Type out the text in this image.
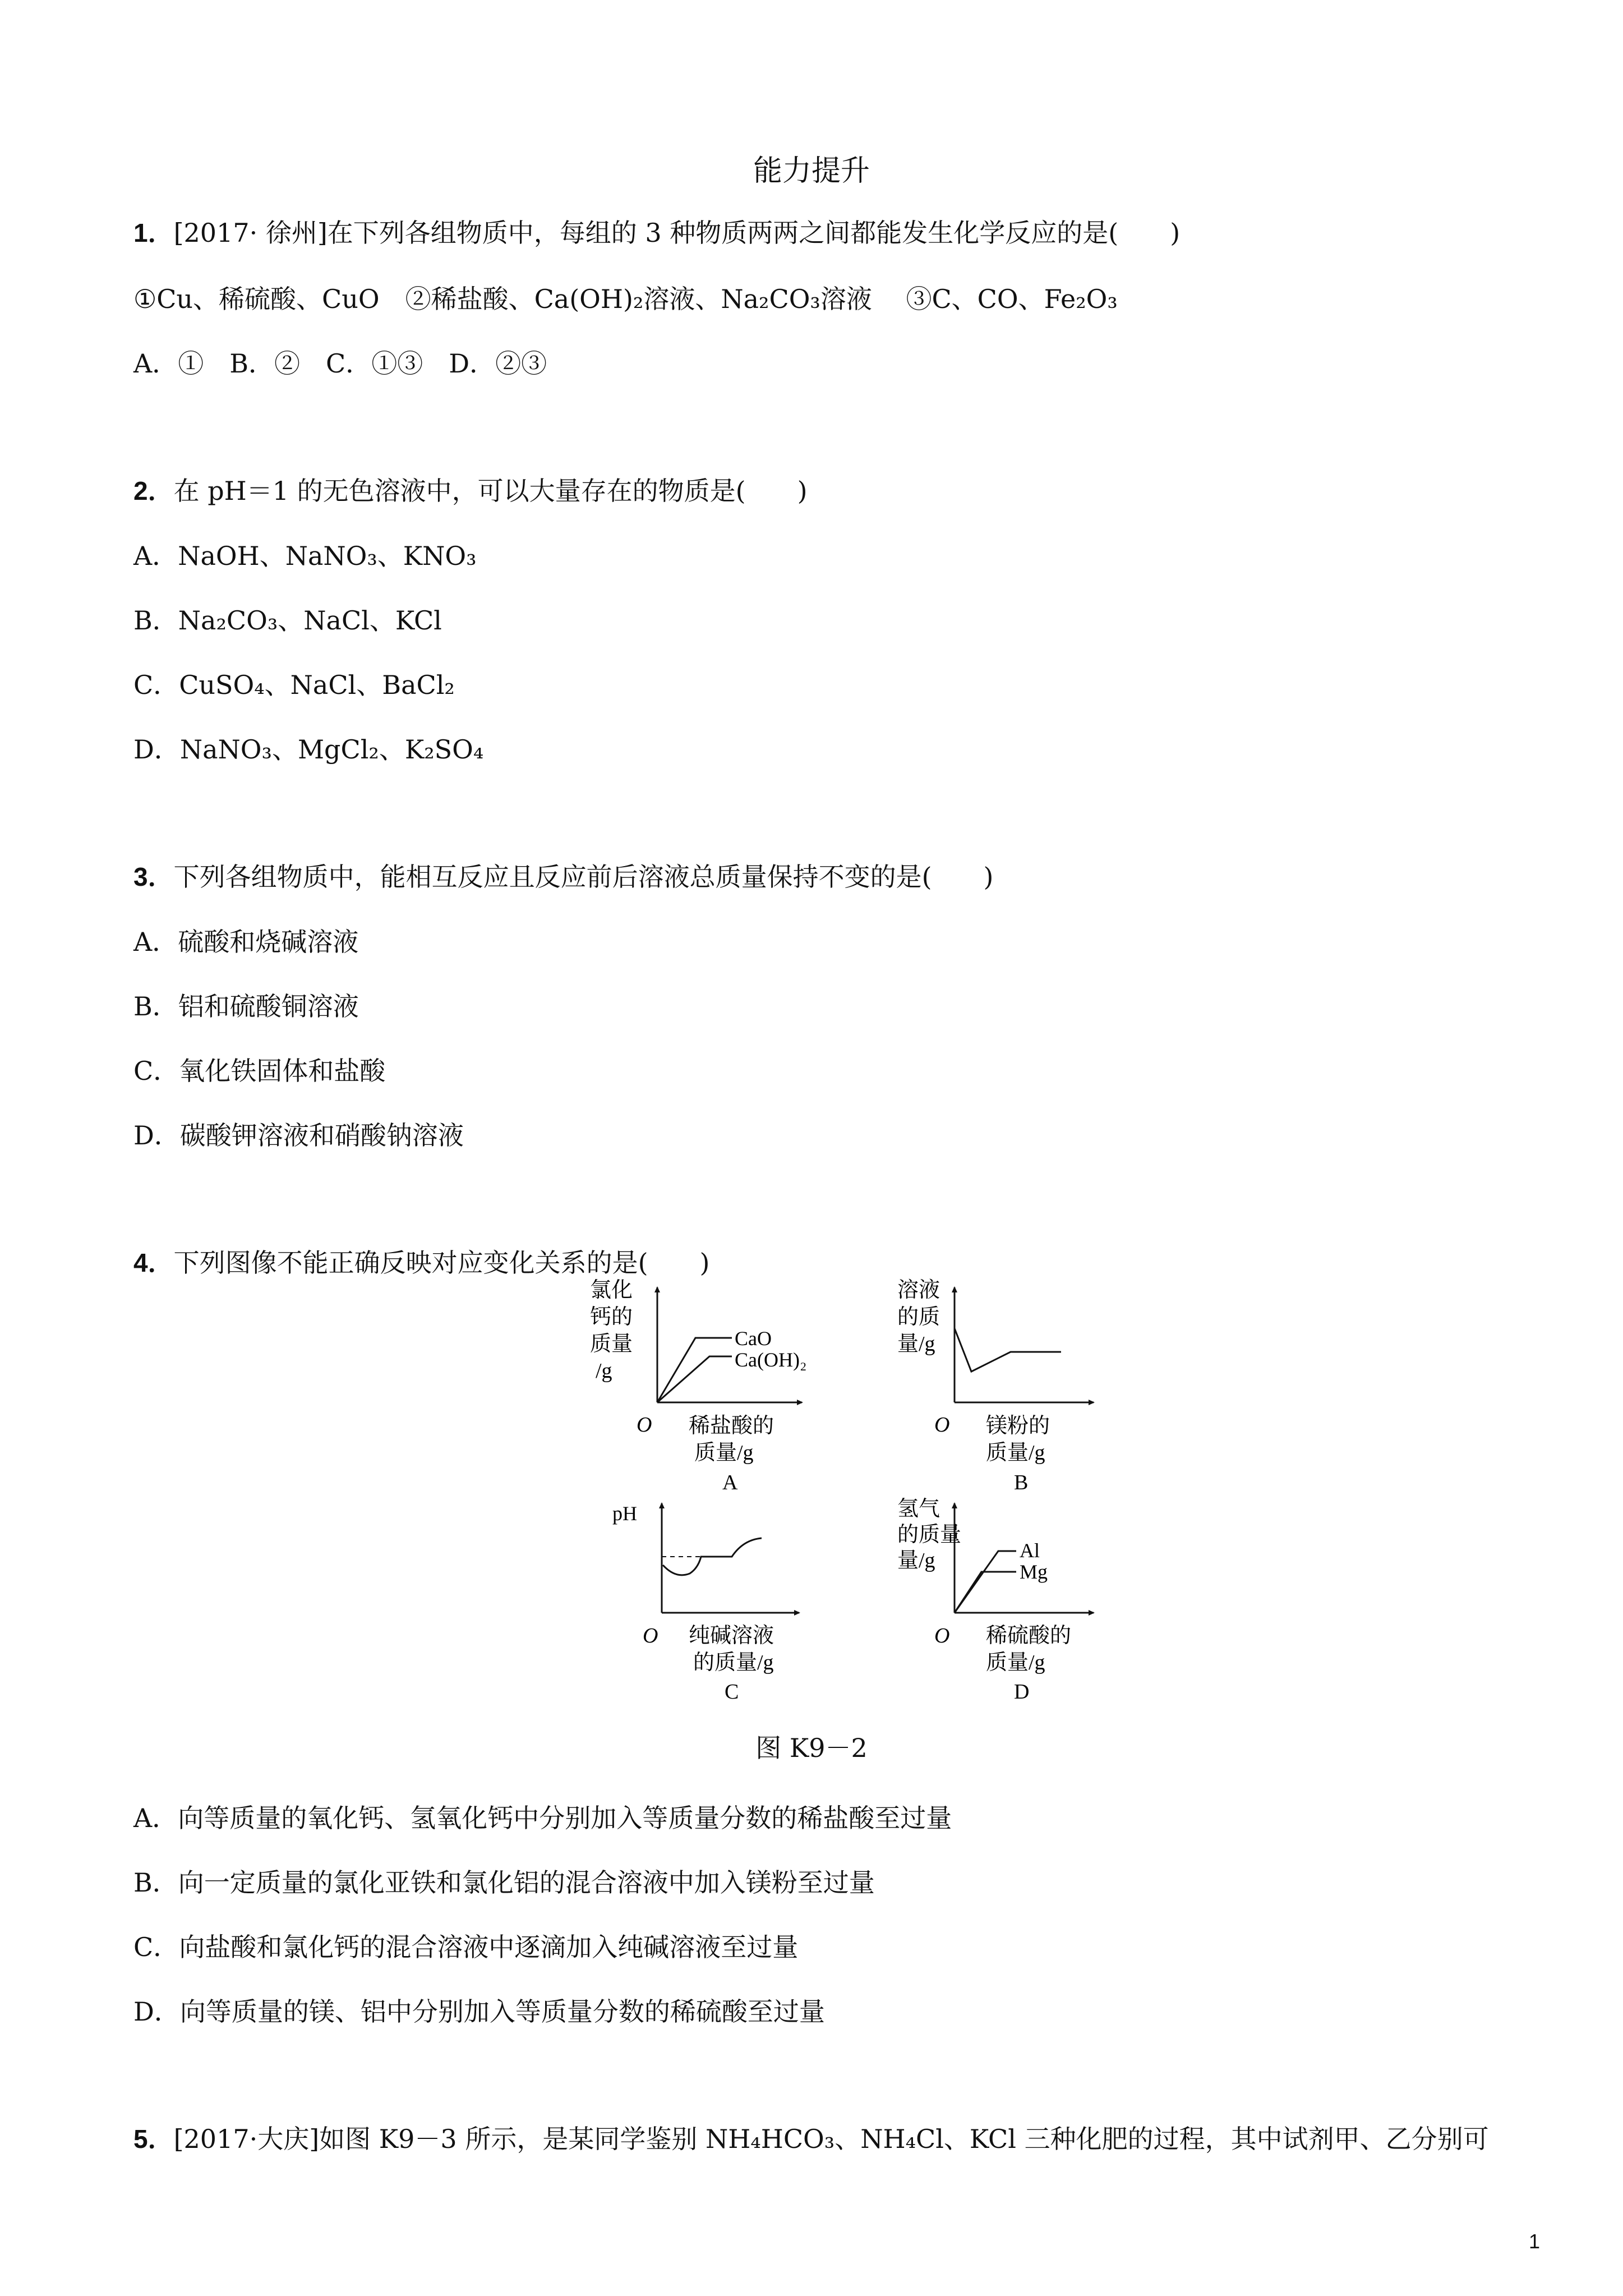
能力提升
1．[2017· 徐州]在下列各组物质中，每组的 3 种物质两两之间都能发生化学反应的是(　　)
①Cu、稀硫酸、CuO　②稀盐酸、Ca(OH)₂溶液、Na₂CO₃溶液　 ③C、CO、Fe₂O₃
A．①　B．②　C．①③　D．②③
2．在 pH＝1 的无色溶液中，可以大量存在的物质是(　　)
A．NaOH、NaNO₃、KNO₃
B．Na₂CO₃、NaCl、KCl
C．CuSO₄、NaCl、BaCl₂
D．NaNO₃、MgCl₂、K₂SO₄
3．下列各组物质中，能相互反应且反应前后溶液总质量保持不变的是(　　)
A．硫酸和烧碱溶液
B．铝和硫酸铜溶液
C．氧化铁固体和盐酸
D．碳酸钾溶液和硝酸钠溶液
4．下列图像不能正确反映对应变化关系的是(　　)
氯化
钙的
质量
/g
CaO
Ca(OH)₂
O 稀盐酸的
质量/g
A
溶液
的质
量/g
O 镁粉的
质量/g
B
pH
O 纯碱溶液
的质量/g
C
氢气
的质量
量/g	Al
Mg
O 稀硫酸的
质量/g
D
图 K9－2
A．向等质量的氧化钙、氢氧化钙中分别加入等质量分数的稀盐酸至过量
B．向一定质量的氯化亚铁和氯化铝的混合溶液中加入镁粉至过量
C．向盐酸和氯化钙的混合溶液中逐滴加入纯碱溶液至过量
D．向等质量的镁、铝中分别加入等质量分数的稀硫酸至过量
5．[2017·大庆]如图 K9－3 所示，是某同学鉴别 NH₄HCO₃、NH₄Cl、KCl 三种化肥的过程，其中试剂甲、乙分别可
1
